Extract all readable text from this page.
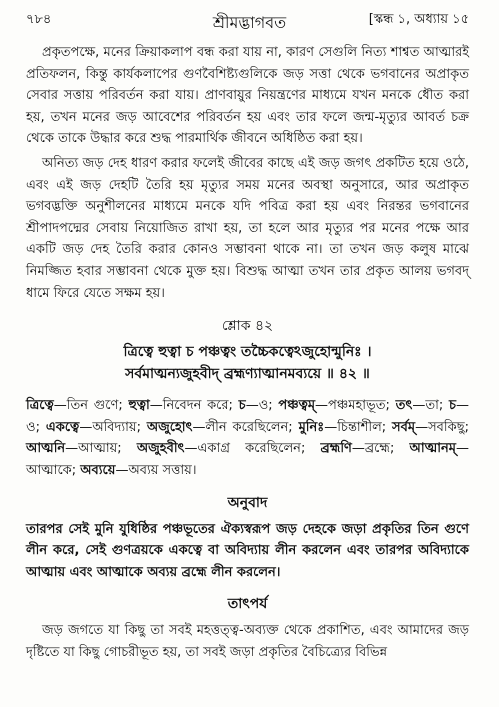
৭৮৪	[স্কন্ধ ১, অধ্যায় ১৫
শ্রীমদ্ভাগবত

প্রকৃতপক্ষে, মনের ক্রিয়াকলাপ বন্ধ করা যায় না, কারণ সেগুলি নিত্য শাশ্বত আত্মারই প্রতিফলন, কিন্তু কার্যকলাপের গুণবৈশিষ্ট্যগুলিকে জড় সত্তা থেকে ভগবানের অপ্রাকৃত সেবার সত্তায় পরিবর্তন করা যায়। প্রাণবায়ুর নিয়ন্ত্রণের মাধ্যমে যখন মনকে ধৌত করা হয়, তখন মনের জড় আবেশের পরিবর্তন হয় এবং তার ফলে জন্ম-মৃত্যুর আবর্ত চক্র থেকে তাকে উদ্ধার করে শুদ্ধ পারমার্থিক জীবনে অধিষ্ঠিত করা হয়।

অনিত্য জড় দেহ ধারণ করার ফলেই জীবের কাছে এই জড় জগৎ প্রকটিত হয়ে ওঠে, এবং এই জড় দেহটি তৈরি হয় মৃত্যুর সময় মনের অবস্থা অনুসারে, আর অপ্রাকৃত ভগবদ্ভক্তি অনুশীলনের মাধ্যমে মনকে যদি পবিত্র করা হয় এবং নিরন্তর ভগবানের শ্রীপাদপদ্মের সেবায় নিয়োজিত রাখা হয়, তা হলে আর মৃত্যুর পর মনের পক্ষে আর একটি জড় দেহ তৈরি করার কোনও সম্ভাবনা থাকে না। তা তখন জড় কলুষ মাঝে নিমজ্জিত হবার সম্ভাবনা থেকে মুক্ত হয়। বিশুদ্ধ আত্মা তখন তার প্রকৃত আলয় ভগবদ্ ধামে ফিরে যেতে সক্ষম হয়।

শ্লোক ৪২

ত্রিত্বে হুত্বা চ পঞ্চত্বং তচ্চৈকত্বেঽজুহোন্মুনিঃ ।

সর্বমাত্মন্যজুহবীদ্ ব্রহ্মণ্যাত্মানমব্যয়ে ॥ ৪২ ॥

ত্রিত্বে—তিন গুণে; হুত্বা—নিবেদন করে; চ—ও; পঞ্চত্বম্—পঞ্চমহাভূত; তৎ—তা; চ—ও; একত্বে—অবিদ্যায়; অজুহোৎ—লীন করেছিলেন; মুনিঃ—চিন্তাশীল; সর্বম্—সবকিছু; আত্মনি—আত্মায়; অজুহবীৎ—একাগ্র করেছিলেন; ব্রহ্মণি—ব্রহ্মে; আত্মানম্—আত্মাকে; অব্যয়ে—অব্যয় সত্তায়।

অনুবাদ

তারপর সেই মুনি যুধিষ্ঠির পঞ্চভূতের ঐক্যস্বরূপ জড় দেহকে জড়া প্রকৃতির তিন গুণে লীন করে, সেই গুণত্রয়কে একত্বে বা অবিদ্যায় লীন করলেন এবং তারপর অবিদ্যাকে আত্মায় এবং আত্মাকে অব্যয় ব্রহ্মে লীন করলেন।

তাৎপর্য

জড় জগতে যা কিছু তা সবই মহত্তত্ত্ব-অব্যক্ত থেকে প্রকাশিত, এবং আমাদের জড় দৃষ্টিতে যা কিছু গোচরীভূত হয়, তা সবই জড়া প্রকৃতির বৈচিত্র্যের বিভিন্ন
